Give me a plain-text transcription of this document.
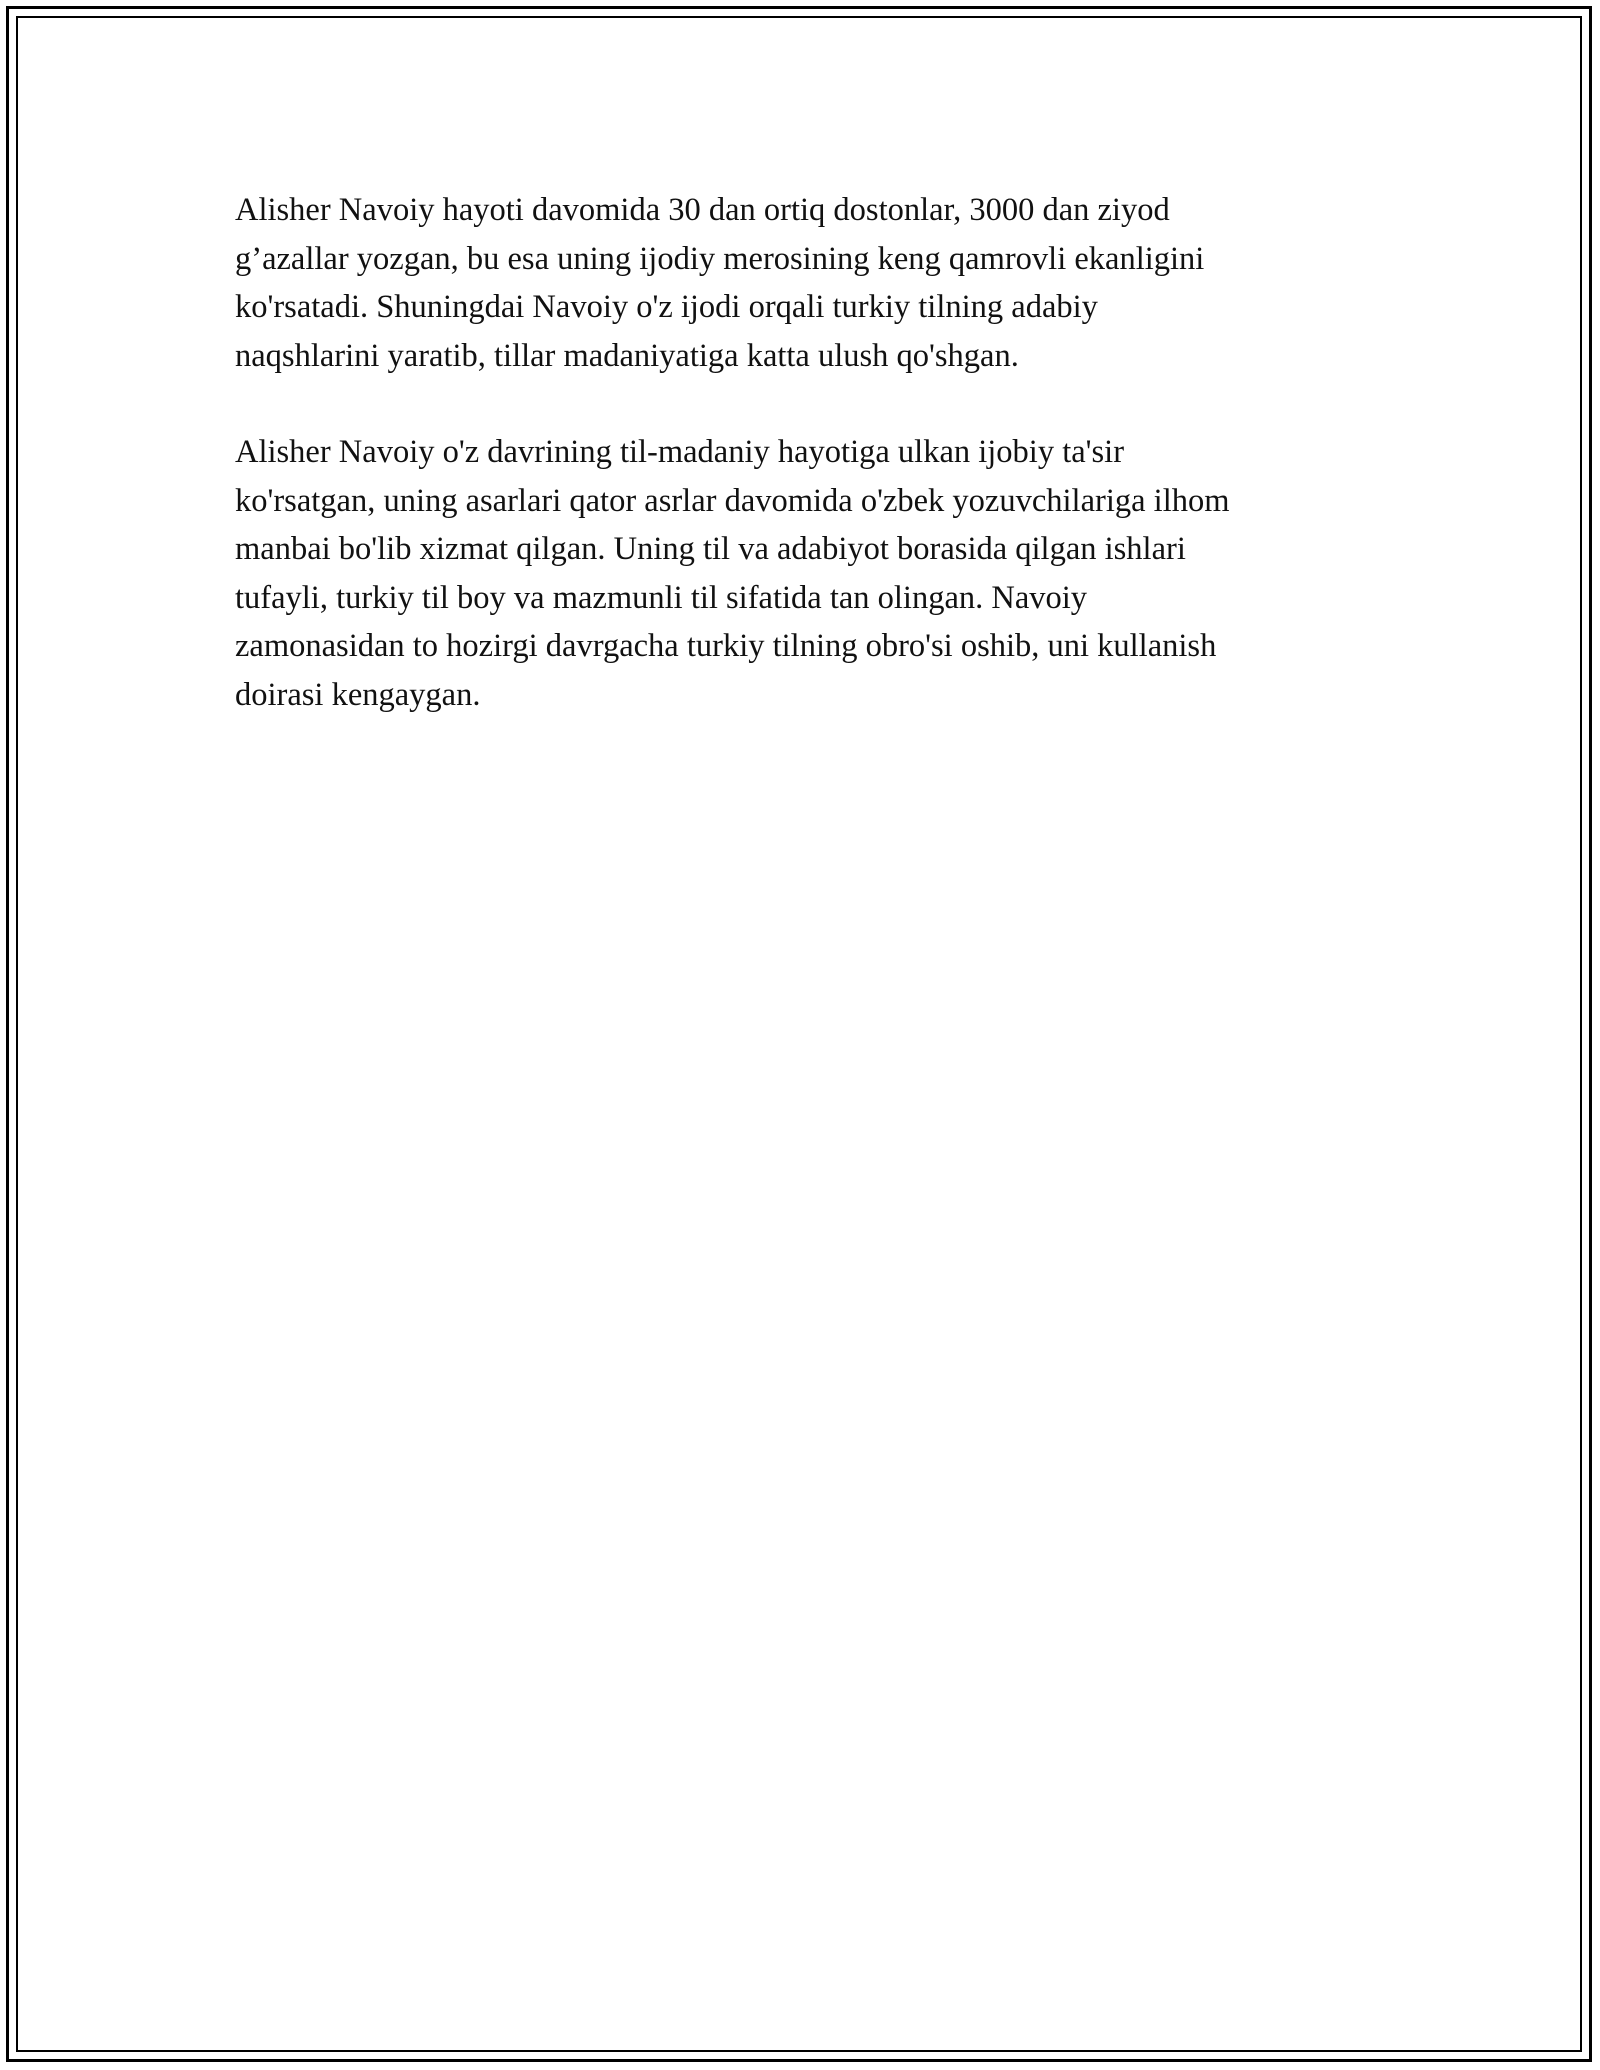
Alisher Navoiy hayoti davomida 30 dan ortiq dostonlar, 3000 dan ziyod
g’azallar yozgan, bu esa uning ijodiy merosining keng qamrovli ekanligini
ko'rsatadi. Shuningdai Navoiy o'z ijodi orqali turkiy tilning adabiy
naqshlarini yaratib, tillar madaniyatiga katta ulush qo'shgan.

Alisher Navoiy o'z davrining til-madaniy hayotiga ulkan ijobiy ta'sir
ko'rsatgan, uning asarlari qator asrlar davomida o'zbek yozuvchilariga ilhom
manbai bo'lib xizmat qilgan. Uning til va adabiyot borasida qilgan ishlari
tufayli, turkiy til boy va mazmunli til sifatida tan olingan. Navoiy
zamonasidan to hozirgi davrgacha turkiy tilning obro'si oshib, uni kullanish
doirasi kengaygan.
